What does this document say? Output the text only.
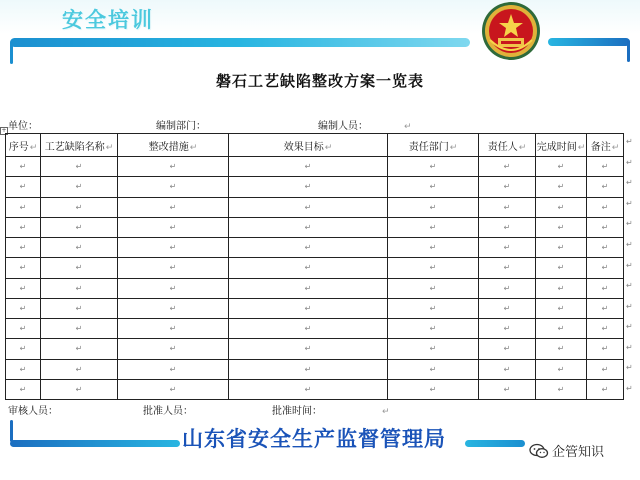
安全培训
磐石工艺缺陷整改方案一览表
单位：	编制部门：	编制人员：	↵
+
序号↵	工艺缺陷名称↵	整改措施↵	效果目标↵	责任部门↵	责任人↵	完成时间↵	备注↵
↵	↵	↵	↵	↵	↵	↵	↵
↵	↵	↵	↵	↵	↵	↵	↵
↵	↵	↵	↵	↵	↵	↵	↵
↵	↵	↵	↵	↵	↵	↵	↵
↵	↵	↵	↵	↵	↵	↵	↵
↵	↵	↵	↵	↵	↵	↵	↵
↵	↵	↵	↵	↵	↵	↵	↵
↵	↵	↵	↵	↵	↵	↵	↵
↵	↵	↵	↵	↵	↵	↵	↵
↵	↵	↵	↵	↵	↵	↵	↵
↵	↵	↵	↵	↵	↵	↵	↵
↵	↵	↵	↵	↵	↵	↵	↵
↵
↵
↵
↵
↵
↵
↵
↵
↵
↵
↵
↵
↵
审核人员：	批准人员：	批准时间：	↵
山东省安全生产监督管理局
企管知识
